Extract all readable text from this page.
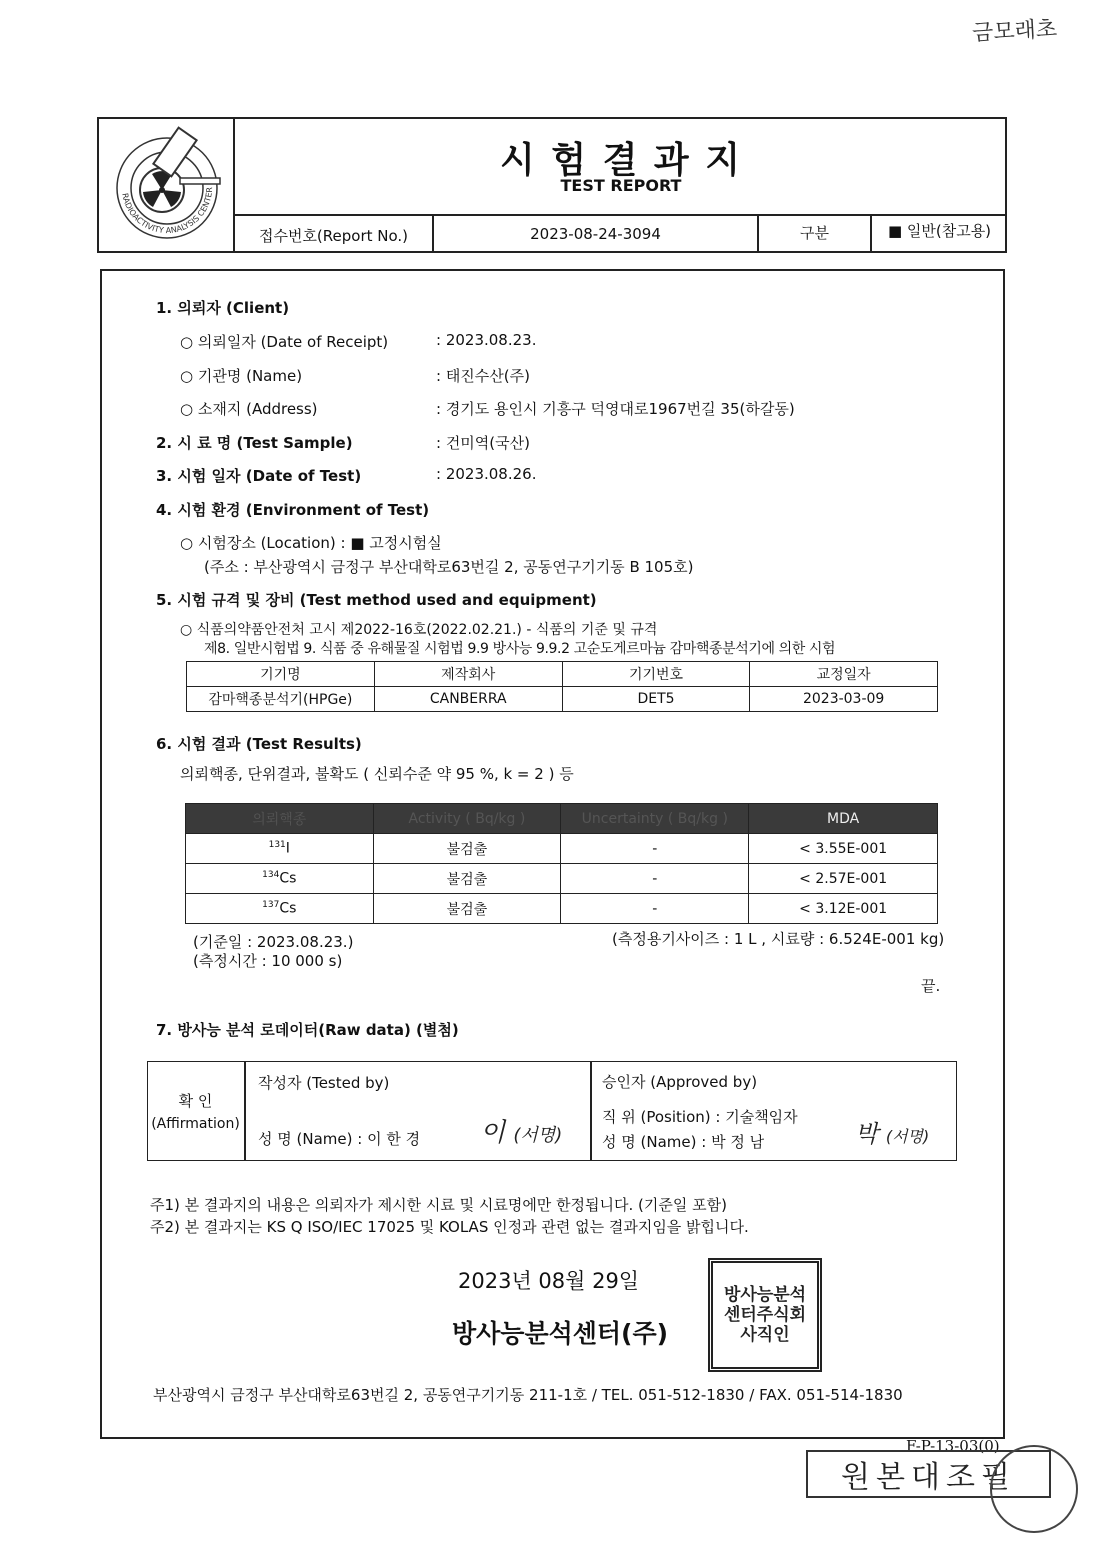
금모래초
RADIOACTIVITY ANALYSIS CENTER
시 험 결 과 지
TEST REPORT
접수번호(Report No.)	2023-08-24-3094	구분	■ 일반(참고용)
1. 의뢰자 (Client)
○ 의뢰일자 (Date of Receipt)	: 2023.08.23.
○ 기관명 (Name)	: 태진수산(주)
○ 소재지 (Address)	: 경기도 용인시 기흥구 덕영대로1967번길 35(하갈동)
2. 시 료 명 (Test Sample)	: 건미역(국산)
3. 시험 일자 (Date of Test)	: 2023.08.26.
4. 시험 환경 (Environment of Test)
○ 시험장소 (Location) : ■ 고정시험실
(주소 : 부산광역시 금정구 부산대학로63번길 2, 공동연구기기동 B 105호)
5. 시험 규격 및 장비 (Test method used and equipment)
○ 식품의약품안전처 고시 제2022-16호(2022.02.21.) - 식품의 기준 및 규격
제8. 일반시험법 9. 식품 중 유해물질 시험법 9.9 방사능 9.9.2 고순도게르마늄 감마핵종분석기에 의한 시험
기기명	제작회사	기기번호	교정일자
감마핵종분석기(HPGe)	CANBERRA	DET5	2023-03-09
6. 시험 결과 (Test Results)
의뢰핵종, 단위결과, 불확도 ( 신뢰수준 약 95 %, k = 2 ) 등
의뢰핵종	Activity ( Bq/kg )	Uncertainty ( Bq/kg )	MDA
$^{131}$I	불검출	-	< 3.55E-001
$^{134}$Cs	불검출	-	< 2.57E-001
$^{137}$Cs	불검출	-	< 3.12E-001
(기준일 : 2023.08.23.)
(측정시간 : 10 000 s)
(측정용기사이즈 : 1 L , 시료량 : 6.524E-001 kg)
끝.
7. 방사능 분석 로데이터(Raw data) (별첨)
확 인
(Affirmation)
작성자 (Tested by)
성 명 (Name) : 이 한 경 이 (서명)
승인자 (Approved by)
직 위 (Position) : 기술책임자
성 명 (Name) : 박 정 남	박 (서명)
주1) 본 결과지의 내용은 의뢰자가 제시한 시료 및 시료명에만 한정됩니다. (기준일 포함)
주2) 본 결과지는 KS Q ISO/IEC 17025 및 KOLAS 인정과 관련 없는 결과지임을 밝힙니다.
2023년 08월 29일
방사능분석센터(주)
방사능분석센터주식회사직인
부산광역시 금정구 부산대학로63번길 2, 공동연구기기동 211-1호 / TEL. 051-512-1830 / FAX. 051-514-1830
F-P-13-03(0)
원본대조필
